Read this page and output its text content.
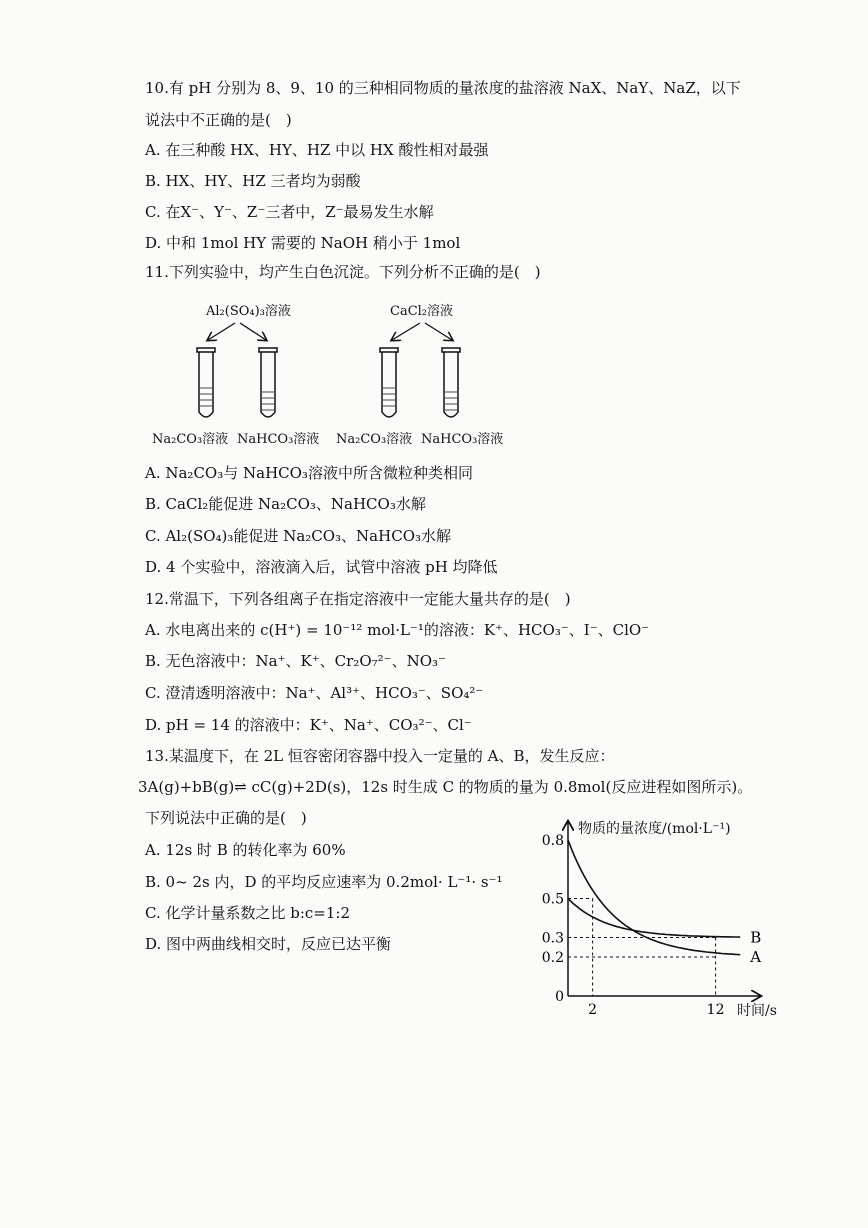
10.有 pH 分别为 8、9、10 的三种相同物质的量浓度的盐溶液 NaX、NaY、NaZ，以下
说法中不正确的是(　)
A. 在三种酸 HX、HY、HZ 中以 HX 酸性相对最强
B. HX、HY、HZ 三者均为弱酸
C. 在X⁻、Y⁻、Z⁻三者中，Z⁻最易发生水解
D. 中和 1mol HY 需要的 NaOH 稍小于 1mol
11.下列实验中，均产生白色沉淀。下列分析不正确的是(　)
Al₂(SO₄)₃溶液	CaCl₂溶液
Na₂CO₃溶液 NaHCO₃溶液 Na₂CO₃溶液 NaHCO₃溶液
A. Na₂CO₃与 NaHCO₃溶液中所含微粒种类相同
B. CaCl₂能促进 Na₂CO₃、NaHCO₃水解
C. Al₂(SO₄)₃能促进 Na₂CO₃、NaHCO₃水解
D. 4 个实验中，溶液滴入后，试管中溶液 pH 均降低
12.常温下，下列各组离子在指定溶液中一定能大量共存的是(　)
A. 水电离出来的 c(H⁺) = 10⁻¹² mol·L⁻¹的溶液：K⁺、HCO₃⁻、I⁻、ClO⁻
B. 无色溶液中：Na⁺、K⁺、Cr₂O₇²⁻、NO₃⁻
C. 澄清透明溶液中：Na⁺、Al³⁺、HCO₃⁻、SO₄²⁻
D. pH = 14 的溶液中：K⁺、Na⁺、CO₃²⁻、Cl⁻
13.某温度下，在 2L 恒容密闭容器中投入一定量的 A、B，发生反应：
3A(g)+bB(g)⇌ cC(g)+2D(s)，12s 时生成 C 的物质的量为 0.8mol(反应进程如图所示)。
下列说法中正确的是(　)
A. 12s 时 B 的转化率为 60%
B. 0~ 2s 内，D 的平均反应速率为 0.2mol· L⁻¹· s⁻¹
C. 化学计量系数之比 b:c=1:2
D. 图中两曲线相交时，反应已达平衡
物质的量浓度/(mol·L⁻¹)
时间/s
A
B
0
0.2
0.3
0.5
0.8
2	12
